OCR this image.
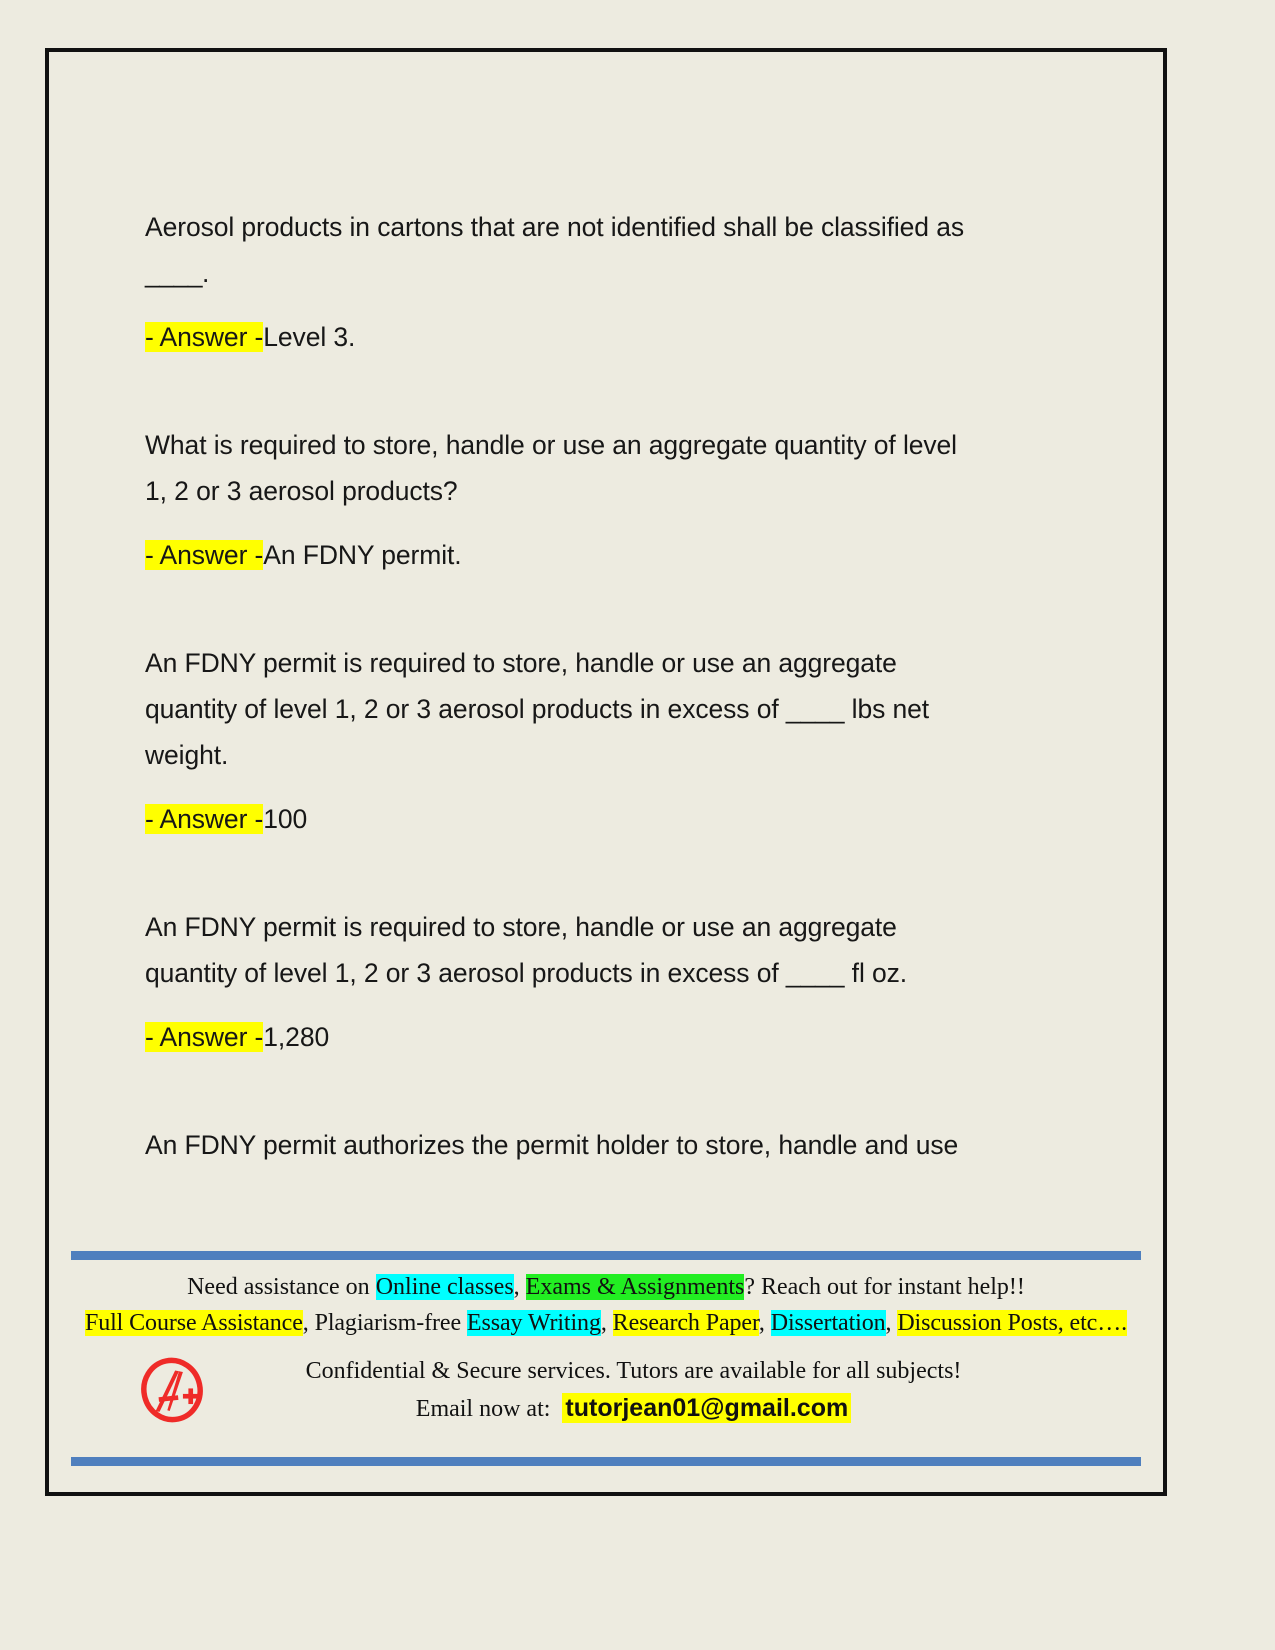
Aerosol products in cartons that are not identified shall be classified as
____.

- Answer -Level 3.

What is required to store, handle or use an aggregate quantity of level
1, 2 or 3 aerosol products?

- Answer -An FDNY permit.

An FDNY permit is required to store, handle or use an aggregate
quantity of level 1, 2 or 3 aerosol products in excess of ____ lbs net
weight.

- Answer -100

An FDNY permit is required to store, handle or use an aggregate
quantity of level 1, 2 or 3 aerosol products in excess of ____ fl oz.

- Answer -1,280

An FDNY permit authorizes the permit holder to store, handle and use

Need assistance on Online classes, Exams & Assignments? Reach out for instant help!!
Full Course Assistance, Plagiarism-free Essay Writing, Research Paper, Dissertation, Discussion Posts, etc….
Confidential & Secure services. Tutors are available for all subjects!
Email now at: tutorjean01@gmail.com
